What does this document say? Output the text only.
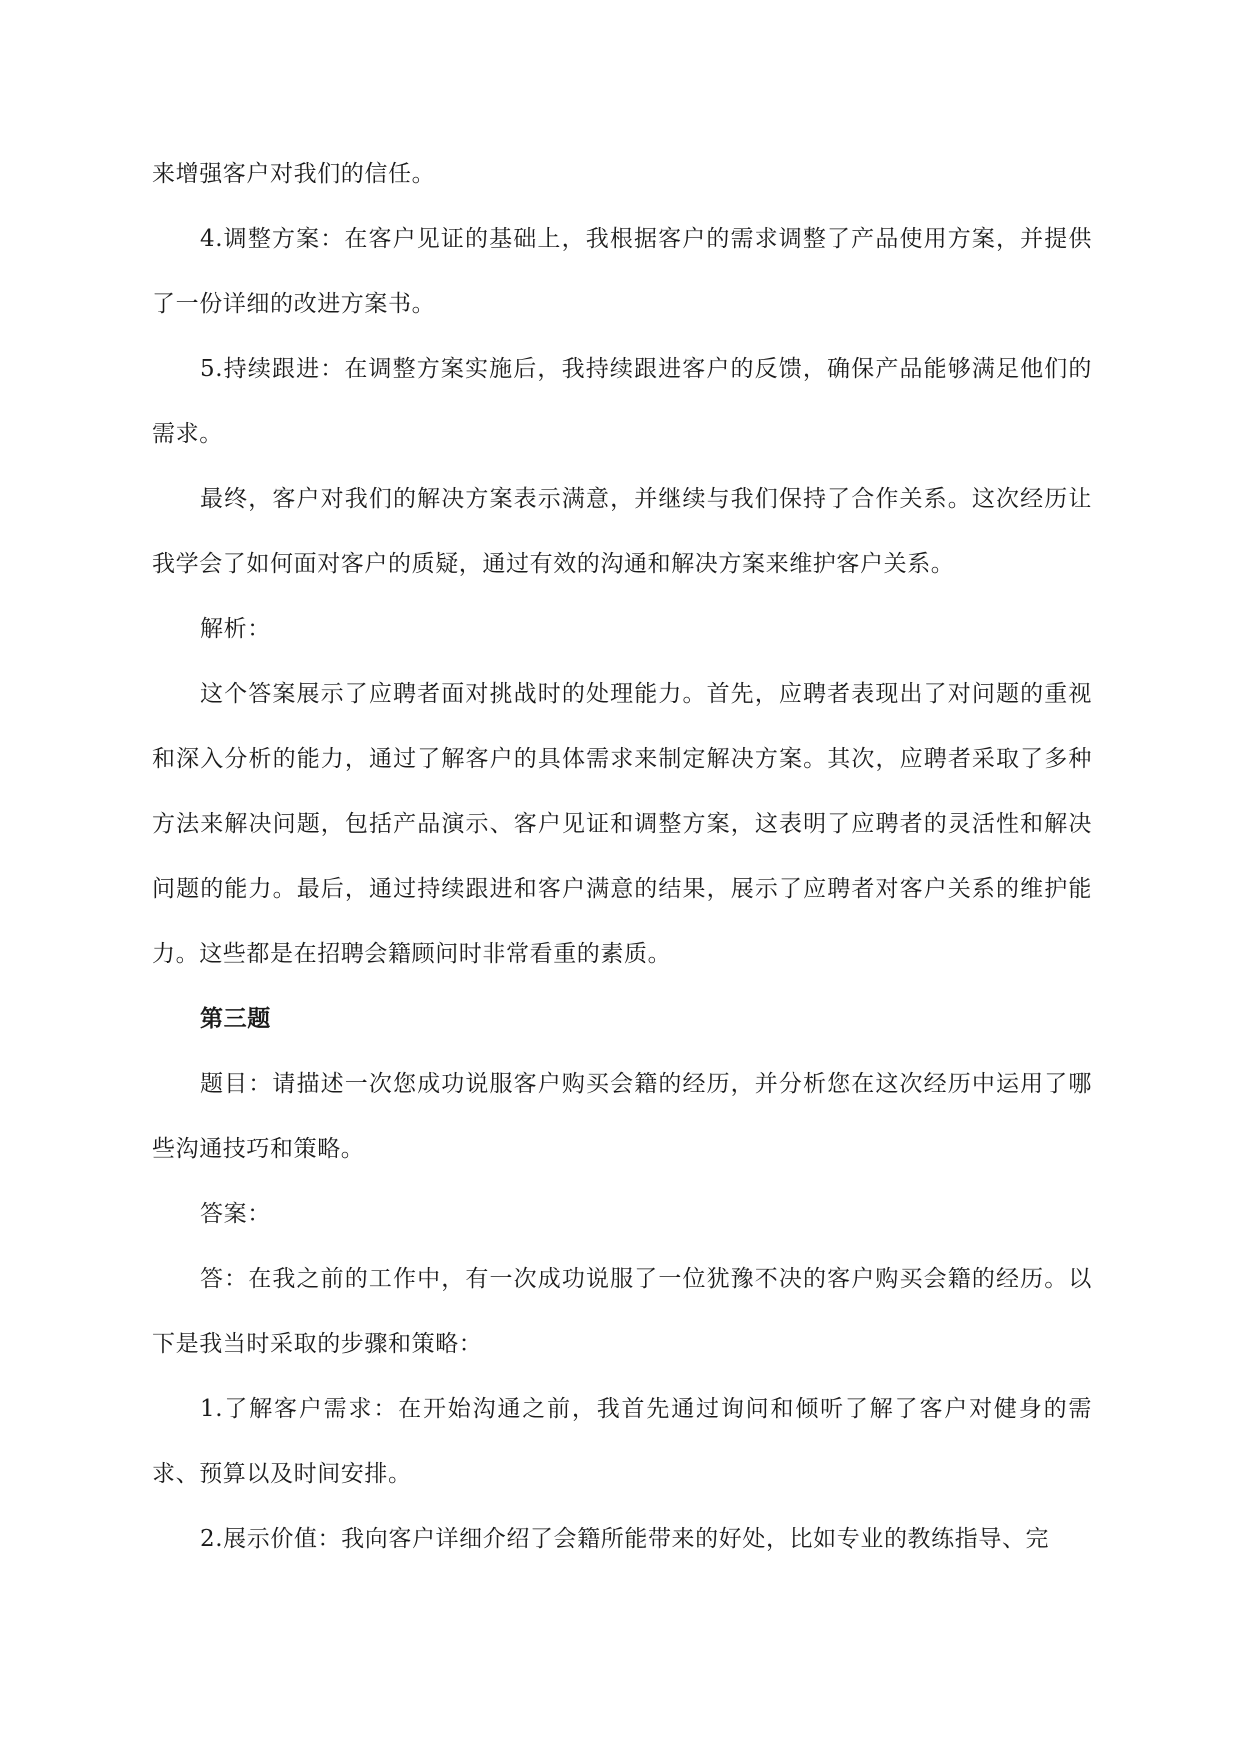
来增强客户对我们的信任。

4.调整方案：在客户见证的基础上，我根据客户的需求调整了产品使用方案，并提供了一份详细的改进方案书。

5.持续跟进：在调整方案实施后，我持续跟进客户的反馈，确保产品能够满足他们的需求。

最终，客户对我们的解决方案表示满意，并继续与我们保持了合作关系。这次经历让我学会了如何面对客户的质疑，通过有效的沟通和解决方案来维护客户关系。

解析：

这个答案展示了应聘者面对挑战时的处理能力。首先，应聘者表现出了对问题的重视和深入分析的能力，通过了解客户的具体需求来制定解决方案。其次，应聘者采取了多种方法来解决问题，包括产品演示、客户见证和调整方案，这表明了应聘者的灵活性和解决问题的能力。最后，通过持续跟进和客户满意的结果，展示了应聘者对客户关系的维护能力。这些都是在招聘会籍顾问时非常看重的素质。

第三题

题目：请描述一次您成功说服客户购买会籍的经历，并分析您在这次经历中运用了哪些沟通技巧和策略。

答案：

答：在我之前的工作中，有一次成功说服了一位犹豫不决的客户购买会籍的经历。以下是我当时采取的步骤和策略：

1.了解客户需求：在开始沟通之前，我首先通过询问和倾听了解了客户对健身的需求、预算以及时间安排。

2.展示价值：我向客户详细介绍了会籍所能带来的好处，比如专业的教练指导、完
